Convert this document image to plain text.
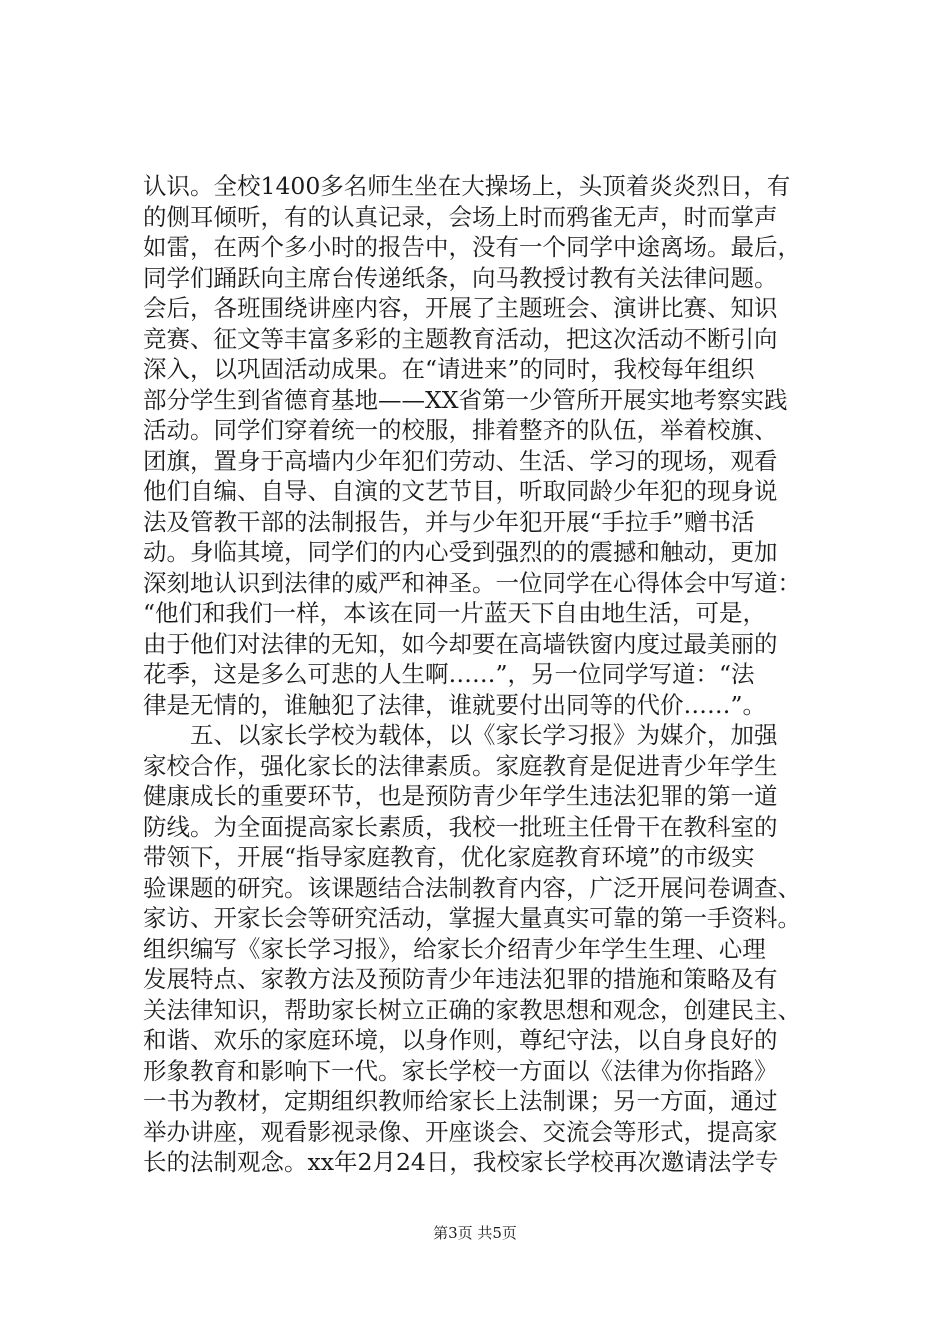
认识。全校1400多名师生坐在大操场上，头顶着炎炎烈日，有
的侧耳倾听，有的认真记录，会场上时而鸦雀无声，时而掌声
如雷，在两个多小时的报告中，没有一个同学中途离场。最后，
同学们踊跃向主席台传递纸条，向马教授讨教有关法律问题。
会后，各班围绕讲座内容，开展了主题班会、演讲比赛、知识
竞赛、征文等丰富多彩的主题教育活动，把这次活动不断引向
深入，以巩固活动成果。在“请进来”的同时，我校每年组织
部分学生到省德育基地——XX省第一少管所开展实地考察实践
活动。同学们穿着统一的校服，排着整齐的队伍，举着校旗、
团旗，置身于高墙内少年犯们劳动、生活、学习的现场，观看
他们自编、自导、自演的文艺节目，听取同龄少年犯的现身说
法及管教干部的法制报告，并与少年犯开展“手拉手”赠书活
动。身临其境，同学们的内心受到强烈的的震撼和触动，更加
深刻地认识到法律的威严和神圣。一位同学在心得体会中写道：
“他们和我们一样，本该在同一片蓝天下自由地生活，可是，
由于他们对法律的无知，如今却要在高墙铁窗内度过最美丽的
花季，这是多么可悲的人生啊……”，另一位同学写道：“法
律是无情的，谁触犯了法律，谁就要付出同等的代价……”。
五、以家长学校为载体，以《家长学习报》为媒介，加强
家校合作，强化家长的法律素质。家庭教育是促进青少年学生
健康成长的重要环节，也是预防青少年学生违法犯罪的第一道
防线。为全面提高家长素质，我校一批班主任骨干在教科室的
带领下，开展“指导家庭教育，优化家庭教育环境”的市级实
验课题的研究。该课题结合法制教育内容，广泛开展问卷调查、
家访、开家长会等研究活动，掌握大量真实可靠的第一手资料。
组织编写《家长学习报》，给家长介绍青少年学生生理、心理
发展特点、家教方法及预防青少年违法犯罪的措施和策略及有
关法律知识，帮助家长树立正确的家教思想和观念，创建民主、
和谐、欢乐的家庭环境，以身作则，尊纪守法，以自身良好的
形象教育和影响下一代。家长学校一方面以《法律为你指路》
一书为教材，定期组织教师给家长上法制课；另一方面，通过
举办讲座，观看影视录像、开座谈会、交流会等形式，提高家
长的法制观念。xx年2月24日，我校家长学校再次邀请法学专
第3页 共5页
